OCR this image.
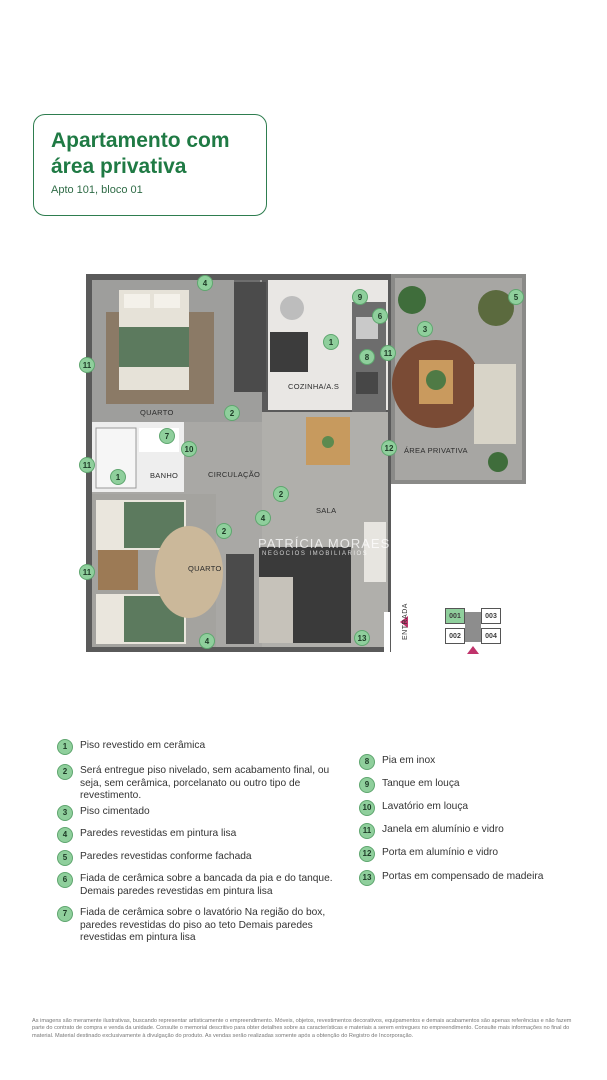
Apartamento com
área privativa

Apto 101, bloco 01

QUARTO
BANHO	CIRCULAÇÃO
COZINHA/A.S
ÁREA PRIVATIVA
SALA
QUARTO
PATRÍCIA MORAES
NEGÓCIOS IMOBILIÁRIOS
4
9	5
6
3
1
11
8	11
2
7
10
11
1
12
11
2
4
2
4	13	ENTRADA	001	003
002	004
1	Piso revestido em cerâmica
2	Será entregue piso nivelado, sem acabamento final, ou seja, sem cerâmica, porcelanato ou outro tipo de revestimento.
3	Piso cimentado
4	Paredes revestidas em pintura lisa
5	Paredes revestidas conforme fachada
6	Fiada de cerâmica sobre a bancada da pia e do tanque. Demais paredes revestidas em pintura lisa
7	Fiada de cerâmica sobre o lavatório Na região do box, paredes revestidas do piso ao teto Demais paredes revestidas em pintura lisa
8	Pia em inox
9	Tanque em louça
10	Lavatório em louça
11	Janela em alumínio e vidro
12	Porta em alumínio e vidro
13	Portas em compensado de madeira

As imagens são meramente ilustrativas, buscando representar artisticamente o empreendimento. Móveis, objetos, revestimentos decorativos, equipamentos e demais acabamentos são apenas referências e não fazem parte do contrato de compra e venda da unidade. Consulte o memorial descritivo para obter detalhes sobre as características e materiais a serem entregues no empreendimento. Consulte mais informações no final do material. Material destinado exclusivamente à divulgação do produto. As vendas serão realizadas somente após a obtenção do Registro de Incorporação.
